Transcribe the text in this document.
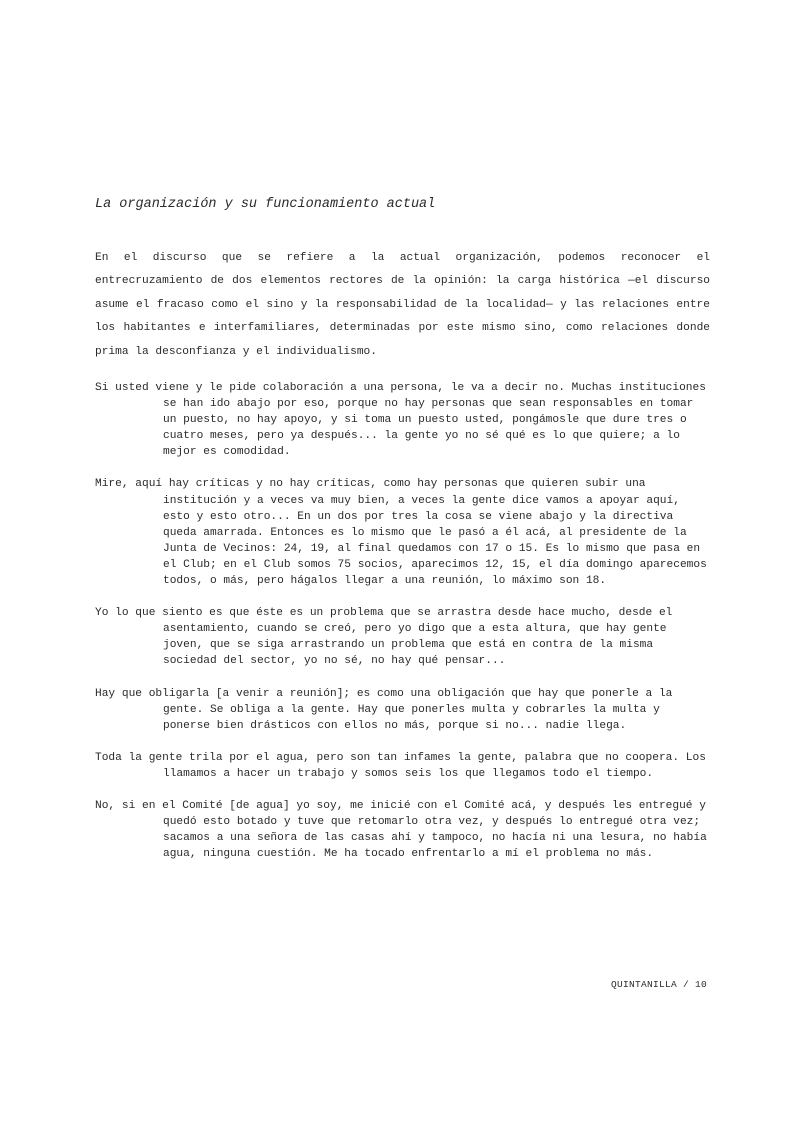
La organización y su funcionamiento actual

En el discurso que se refiere a la actual organización, podemos reconocer el entrecruzamiento de dos elementos rectores de la opinión: la carga histórica —el discurso asume el fracaso como el sino y la responsabilidad de la localidad— y las relaciones entre los habitantes e interfamiliares, determinadas por este mismo sino, como relaciones donde prima la desconfianza y el individualismo.

Si usted viene y le pide colaboración a una persona, le va a decir no. Muchas instituciones se han ido abajo por eso, porque no hay personas que sean responsables en tomar un puesto, no hay apoyo, y si toma un puesto usted, pongámosle que dure tres o cuatro meses, pero ya después... la gente yo no sé qué es lo que quiere; a lo mejor es comodidad.

Mire, aquí hay críticas y no hay críticas, como hay personas que quieren subir una institución y a veces va muy bien, a veces la gente dice vamos a apoyar aquí, esto y esto otro... En un dos por tres la cosa se viene abajo y la directiva queda amarrada. Entonces es lo mismo que le pasó a él acá, al presidente de la Junta de Vecinos: 24, 19, al final quedamos con 17 o 15. Es lo mismo que pasa en el Club; en el Club somos 75 socios, aparecimos 12, 15, el día domingo aparecemos todos, o más, pero hágalos llegar a una reunión, lo máximo son 18.

Yo lo que siento es que éste es un problema que se arrastra desde hace mucho, desde el asentamiento, cuando se creó, pero yo digo que a esta altura, que hay gente joven, que se siga arrastrando un problema que está en contra de la misma sociedad del sector, yo no sé, no hay qué pensar...

Hay que obligarla [a venir a reunión]; es como una obligación que hay que ponerle a la gente. Se obliga a la gente. Hay que ponerles multa y cobrarles la multa y ponerse bien drásticos con ellos no más, porque si no... nadie llega.

Toda la gente trila por el agua, pero son tan infames la gente, palabra que no coopera. Los llamamos a hacer un trabajo y somos seis los que llegamos todo el tiempo.

No, si en el Comité [de agua] yo soy, me inicié con el Comité acá, y después les entregué y quedó esto botado y tuve que retomarlo otra vez, y después lo entregué otra vez; sacamos a una señora de las casas ahí y tampoco, no hacía ni una lesura, no había agua, ninguna cuestión. Me ha tocado enfrentarlo a mí el problema no más.

QUINTANILLA / 10
